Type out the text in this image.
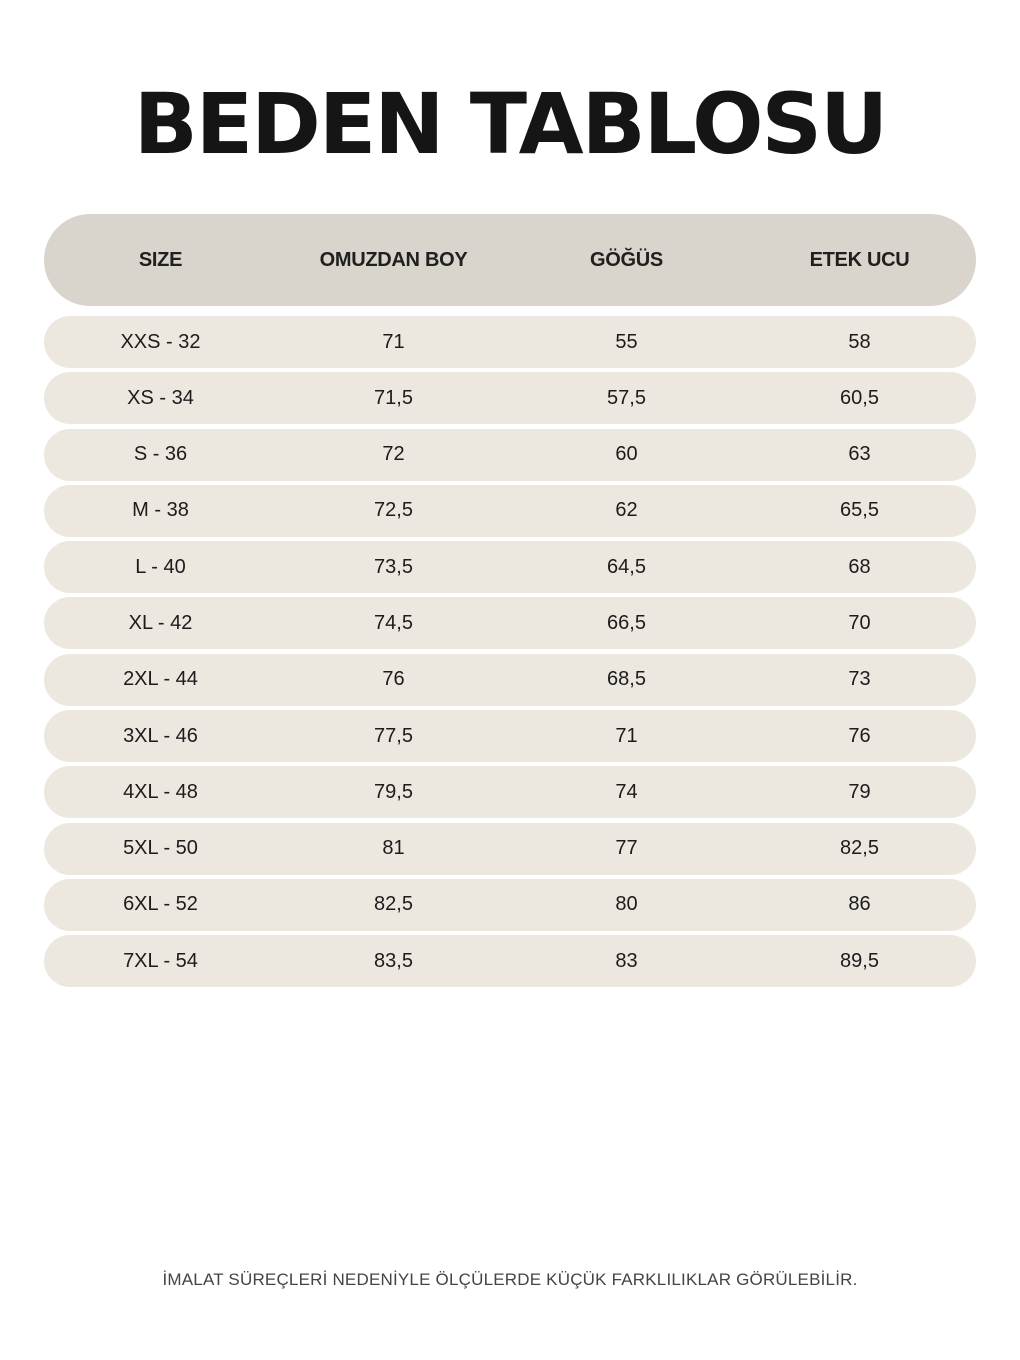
BEDEN TABLOSU
SIZE	OMUZDAN BOY	GÖĞÜS	ETEK UCU
XXS - 32	71	55	58
XS - 34	71,5	57,5	60,5
S - 36	72	60	63
M - 38	72,5	62	65,5
L - 40	73,5	64,5	68
XL - 42	74,5	66,5	70
2XL - 44	76	68,5	73
3XL - 46	77,5	71	76
4XL - 48	79,5	74	79
5XL - 50	81	77	82,5
6XL - 52	82,5	80	86
7XL - 54	83,5	83	89,5
İMALAT SÜREÇLERİ NEDENİYLE ÖLÇÜLERDE KÜÇÜK FARKLILIKLAR GÖRÜLEBİLİR.
